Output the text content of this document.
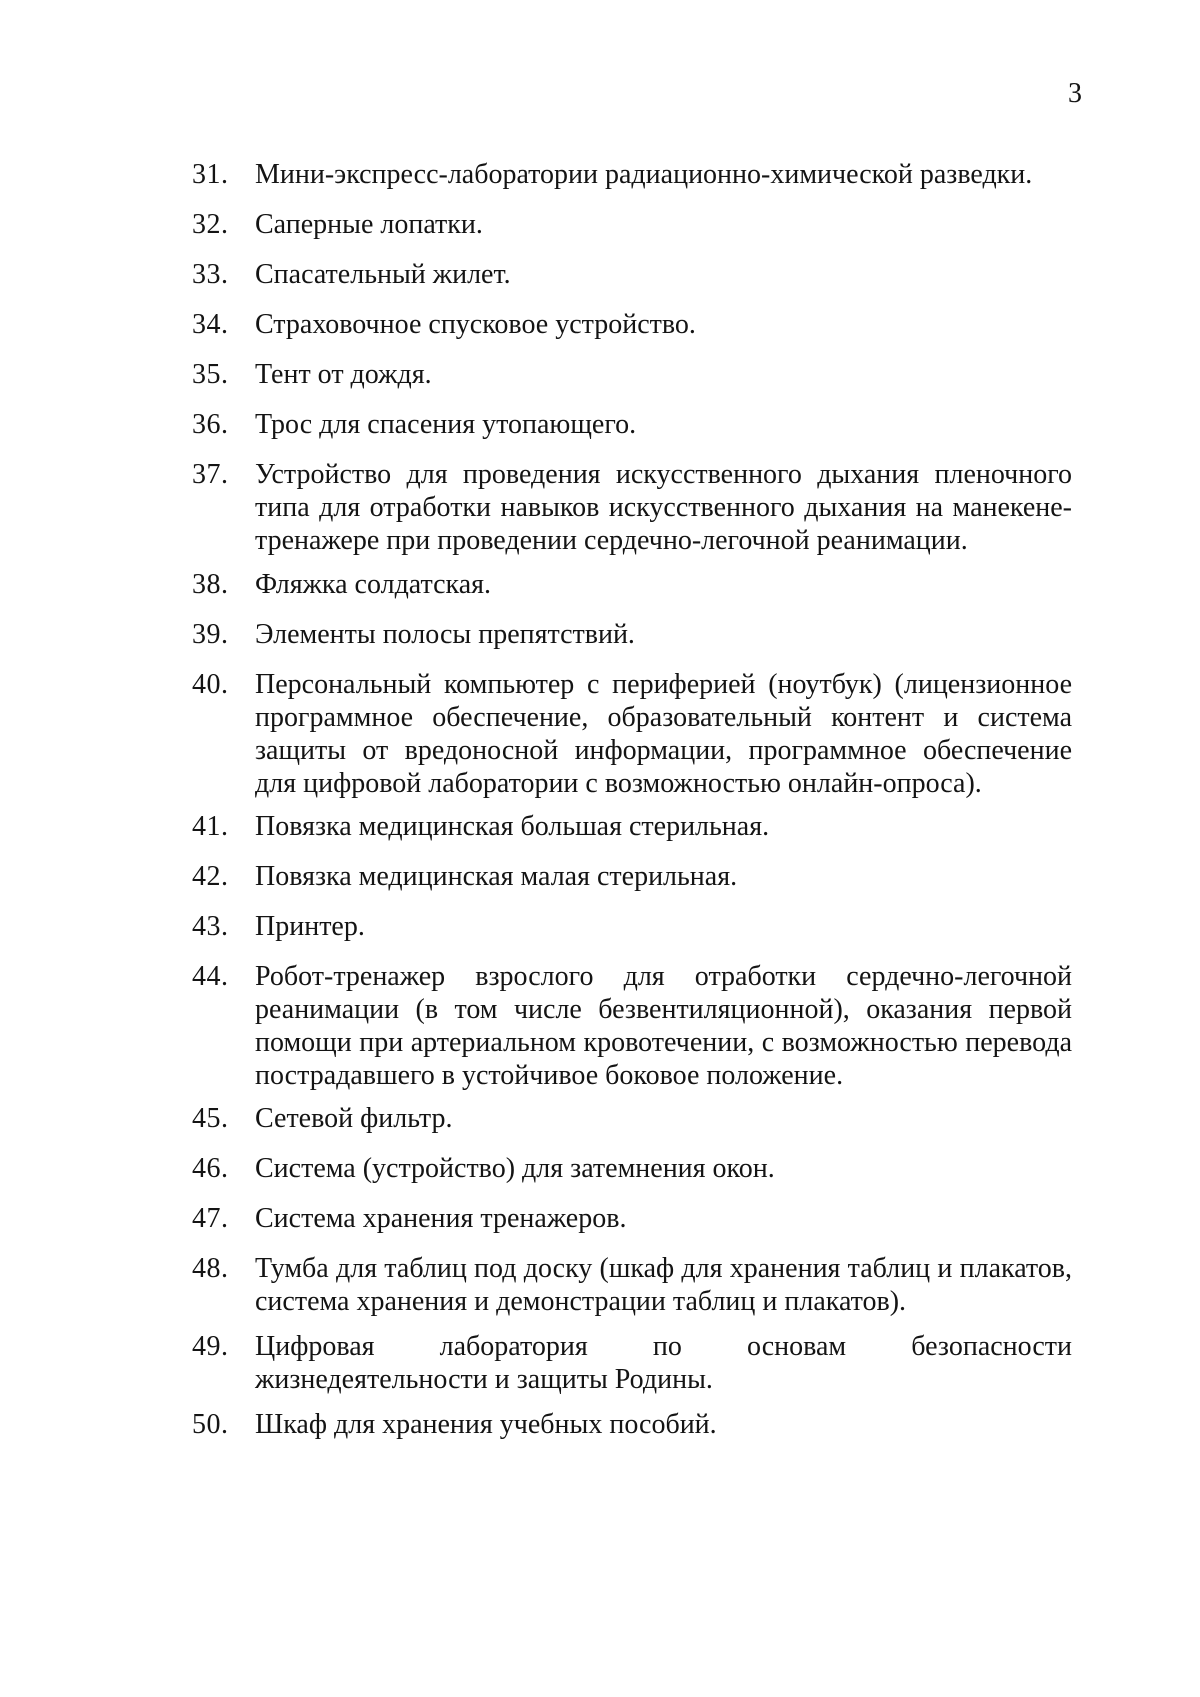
3
31. Мини-экспресс-лаборатории радиационно-химической разведки.
32. Саперные лопатки.
33. Спасательный жилет.
34. Страховочное спусковое устройство.
35. Тент от дождя.
36. Трос для спасения утопающего.
37. Устройство для проведения искусственного дыхания пленочного типа для отработки навыков искусственного дыхания на манекене-тренажере при проведении сердечно-легочной реанимации.
38. Фляжка солдатская.
39. Элементы полосы препятствий.
40. Персональный компьютер с периферией (ноутбук) (лицензионное программное обеспечение, образовательный контент и система защиты от вредоносной информации, программное обеспечение для цифровой лаборатории с возможностью онлайн-опроса).
41. Повязка медицинская большая стерильная.
42. Повязка медицинская малая стерильная.
43. Принтер.
44. Робот-тренажер взрослого для отработки сердечно-легочной реанимации (в том числе безвентиляционной), оказания первой помощи при артериальном кровотечении, с возможностью перевода пострадавшего в устойчивое боковое положение.
45. Сетевой фильтр.
46. Система (устройство) для затемнения окон.
47. Система хранения тренажеров.
48. Тумба для таблиц под доску (шкаф для хранения таблиц и плакатов, система хранения и демонстрации таблиц и плакатов).
49. Цифровая лаборатория по основам безопасности жизнедеятельности и защиты Родины.
50. Шкаф для хранения учебных пособий.
